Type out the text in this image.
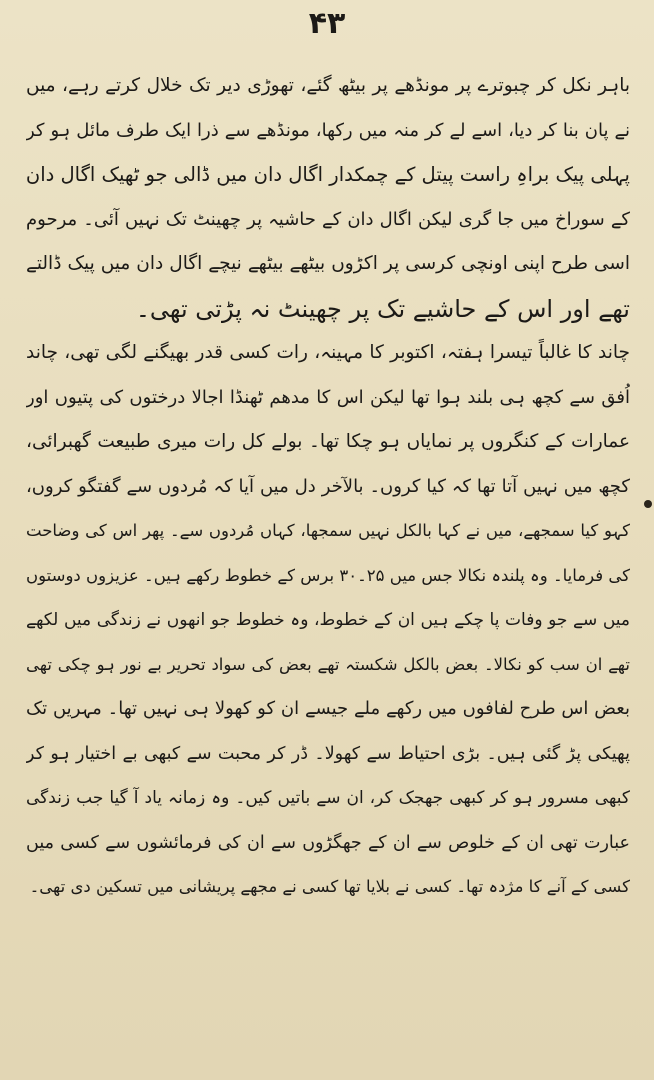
۴۳
باہر نکل کر چبوترے پر مونڈھے پر بیٹھ گئے، تھوڑی دیر تک خلال کرتے رہے، میں
نے پان بنا کر دیا، اسے لے کر منہ میں رکھا، مونڈھے سے ذرا ایک طرف مائل ہو کر
پہلی پیک براہِ راست پیتل کے چمکدار اگال دان میں ڈالی جو ٹھیک اگال دان
کے سوراخ میں جا گری لیکن اگال دان کے حاشیہ پر چھینٹ تک نہیں آئی۔ مرحوم
اسی طرح اپنی اونچی کرسی پر اکڑوں بیٹھے بیٹھے نیچے اگال دان میں پیک ڈالتے
تھے اور اس کے حاشیے تک پر چھینٹ نہ پڑتی تھی۔
چاند کا غالباً تیسرا ہفتہ، اکتوبر کا مہینہ، رات کسی قدر بھیگنے لگی تھی، چاند
اُفق سے کچھ ہی بلند ہوا تھا لیکن اس کا مدھم ٹھنڈا اجالا درختوں کی پتیوں اور
عمارات کے کنگروں پر نمایاں ہو چکا تھا۔ بولے کل رات میری طبیعت گھبرائی،
کچھ میں نہیں آتا تھا کہ کیا کروں۔ بالآخر دل میں آیا کہ مُردوں سے گفتگو کروں،
کہو کیا سمجھے، میں نے کہا بالکل نہیں سمجھا، کہاں مُردوں سے۔ پھر اس کی وضاحت
کی فرمایا۔ وہ پلندہ نکالا جس میں ۲۵۔۳۰ برس کے خطوط رکھے ہیں۔ عزیزوں دوستوں
میں سے جو وفات پا چکے ہیں ان کے خطوط، وہ خطوط جو انھوں نے زندگی میں لکھے
تھے ان سب کو نکالا۔ بعض بالکل شکستہ تھے بعض کی سواد تحریر بے نور ہو چکی تھی
بعض اس طرح لفافوں میں رکھے ملے جیسے ان کو کھولا ہی نہیں تھا۔ مہریں تک
پھیکی پڑ گئی ہیں۔ بڑی احتیاط سے کھولا۔ ڈر کر محبت سے کبھی بے اختیار ہو کر
کبھی مسرور ہو کر کبھی جھجک کر، ان سے باتیں کیں۔ وہ زمانہ یاد آ گیا جب زندگی
عبارت تھی ان کے خلوص سے ان کے جھگڑوں سے ان کی فرمائشوں سے کسی میں
کسی کے آنے کا مژدہ تھا۔ کسی نے بلایا تھا کسی نے مجھے پریشانی میں تسکین دی تھی۔
